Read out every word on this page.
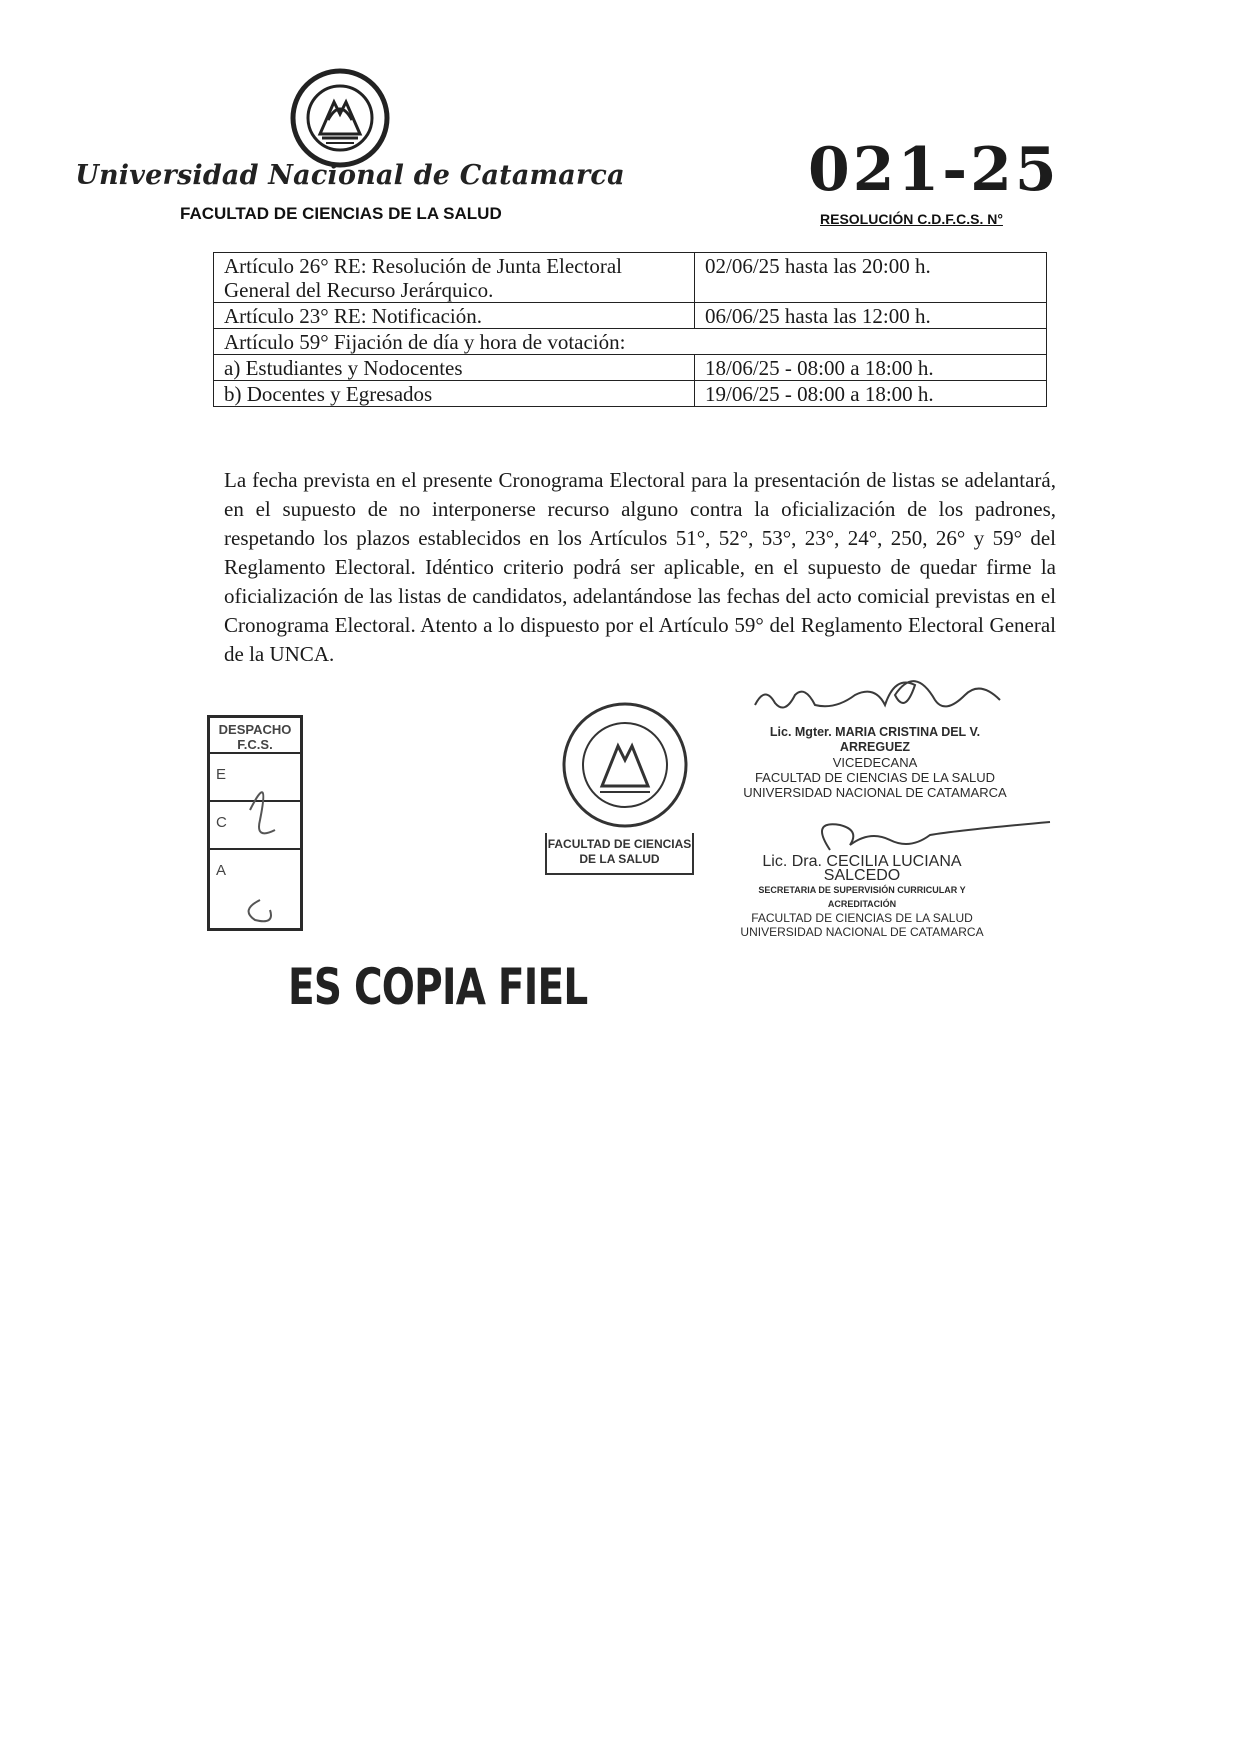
Universidad Nacional de Catamarca
FACULTAD DE CIENCIAS DE LA SALUD
021-25
RESOLUCIÓN C.D.F.C.S. N°
Artículo 26° RE: Resolución de Junta Electoral General del Recurso Jerárquico.	02/06/25 hasta las 20:00 h.
Artículo 23° RE: Notificación.	06/06/25 hasta las 12:00 h.
Artículo 59° Fijación de día y hora de votación:	
a) Estudiantes y Nodocentes	18/06/25 - 08:00 a 18:00 h.
b) Docentes y Egresados	19/06/25 - 08:00 a 18:00 h.

La fecha prevista en el presente Cronograma Electoral para la presentación de listas se adelantará, en el supuesto de no interponerse recurso alguno contra la oficialización de los padrones, respetando los plazos establecidos en los Artículos 51°, 52°, 53°, 23°, 24°, 250, 26° y 59° del Reglamento Electoral. Idéntico criterio podrá ser aplicable, en el supuesto de quedar firme la oficialización de las listas de candidatos, adelantándose las fechas del acto comicial previstas en el Cronograma Electoral. Atento a lo dispuesto por el Artículo 59° del Reglamento Electoral General de la UNCA.

DESPACHO
F.C.S.
E
C
A
FACULTAD DE CIENCIAS
DE LA SALUD
Lic. Mgter. MARIA CRISTINA DEL V. ARREGUEZ
VICEDECANA
FACULTAD DE CIENCIAS DE LA SALUD
UNIVERSIDAD NACIONAL DE CATAMARCA
Lic. Dra. CECILIA LUCIANA SALCEDO
SECRETARIA DE SUPERVISIÓN CURRICULAR Y ACREDITACIÓN
FACULTAD DE CIENCIAS DE LA SALUD
UNIVERSIDAD NACIONAL DE CATAMARCA
ES COPIA FIEL
